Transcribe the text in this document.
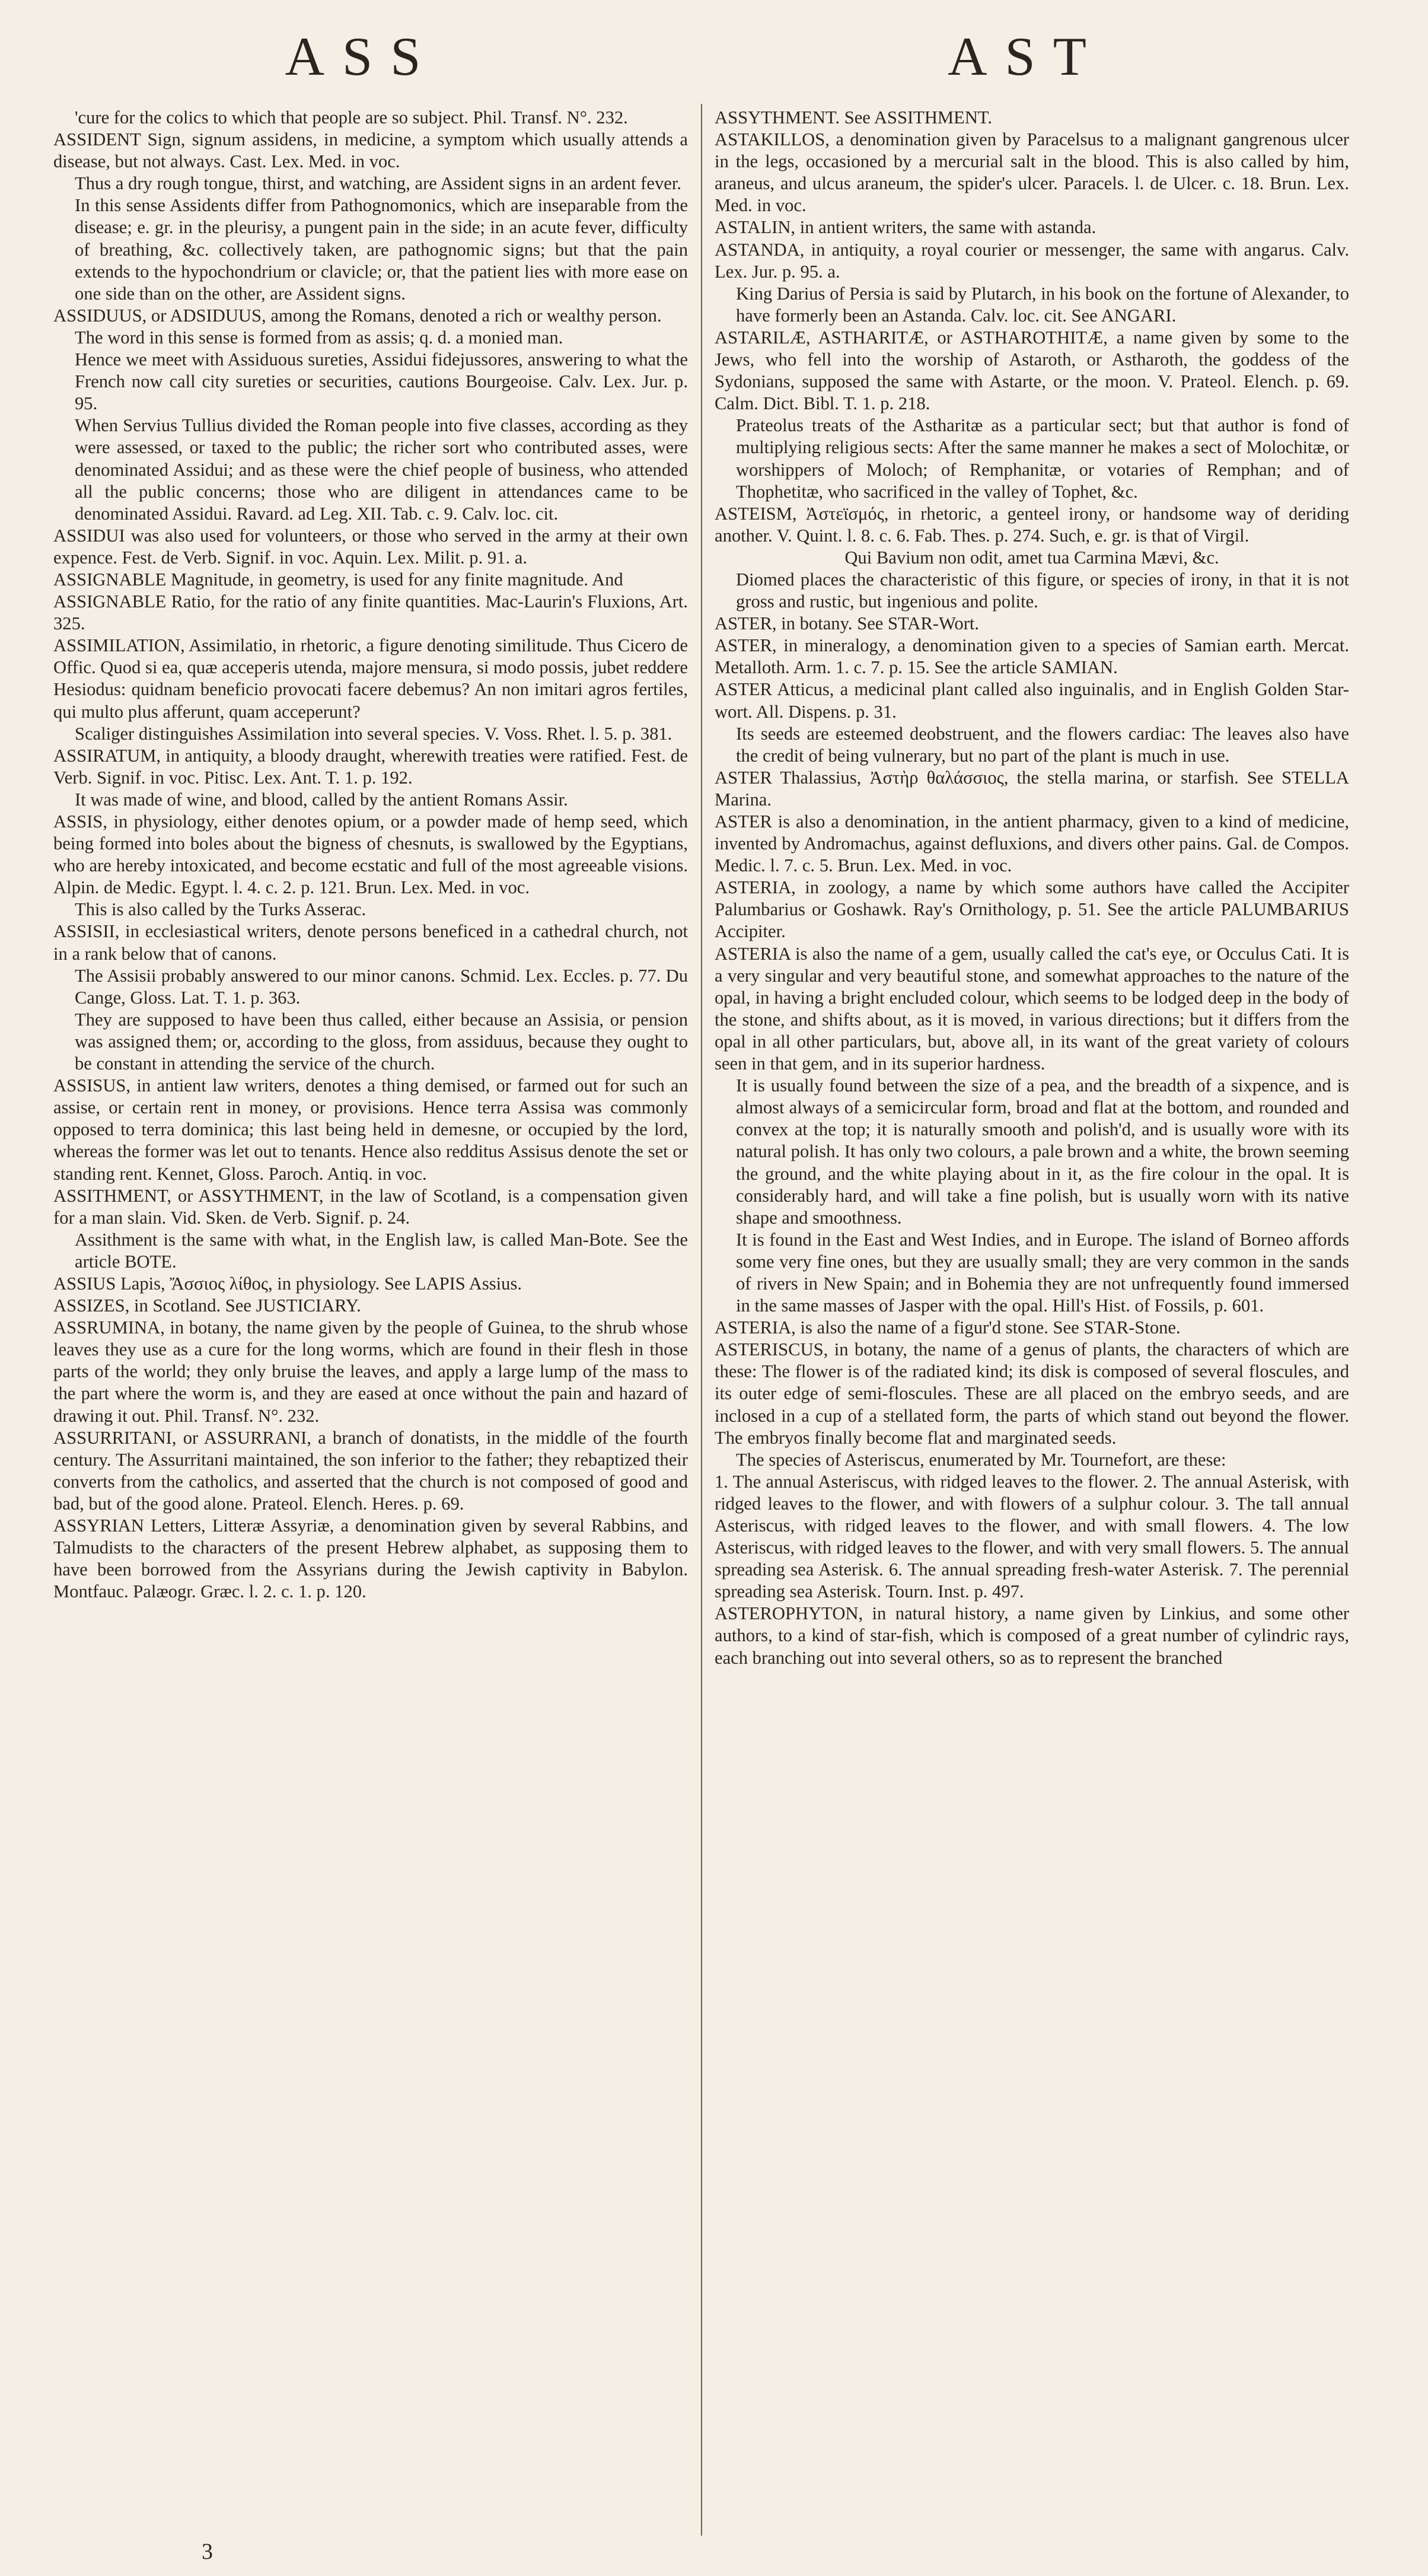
ASS	AST

'cure for the colics to which that people are so subject. Phil. Transf. N°. 232.

ASSIDENT Sign, signum assidens, in medicine, a symptom which usually attends a disease, but not always. Cast. Lex. Med. in voc.

Thus a dry rough tongue, thirst, and watching, are Assident signs in an ardent fever.

In this sense Assidents differ from Pathognomonics, which are inseparable from the disease; e. gr. in the pleurisy, a pungent pain in the side; in an acute fever, difficulty of breathing, &c. collectively taken, are pathognomic signs; but that the pain extends to the hypochondrium or clavicle; or, that the patient lies with more ease on one side than on the other, are Assident signs.

ASSIDUUS, or ADSIDUUS, among the Romans, denoted a rich or wealthy person.

The word in this sense is formed from as assis; q. d. a monied man.

Hence we meet with Assiduous sureties, Assidui fidejussores, answering to what the French now call city sureties or securities, cautions Bourgeoise. Calv. Lex. Jur. p. 95.

When Servius Tullius divided the Roman people into five classes, according as they were assessed, or taxed to the public; the richer sort who contributed asses, were denominated Assidui; and as these were the chief people of business, who attended all the public concerns; those who are diligent in attendances came to be denominated Assidui. Ravard. ad Leg. XII. Tab. c. 9. Calv. loc. cit.

ASSIDUI was also used for volunteers, or those who served in the army at their own expence. Fest. de Verb. Signif. in voc. Aquin. Lex. Milit. p. 91. a.

ASSIGNABLE Magnitude, in geometry, is used for any finite magnitude. And

ASSIGNABLE Ratio, for the ratio of any finite quantities. Mac-Laurin's Fluxions, Art. 325.

ASSIMILATION, Assimilatio, in rhetoric, a figure denoting similitude. Thus Cicero de Offic. Quod si ea, quæ acceperis utenda, majore mensura, si modo possis, jubet reddere Hesiodus: quidnam beneficio provocati facere debemus? An non imitari agros fertiles, qui multo plus afferunt, quam acceperunt?

Scaliger distinguishes Assimilation into several species. V. Voss. Rhet. l. 5. p. 381.

ASSIRATUM, in antiquity, a bloody draught, wherewith treaties were ratified. Fest. de Verb. Signif. in voc. Pitisc. Lex. Ant. T. 1. p. 192.

It was made of wine, and blood, called by the antient Romans Assir.

ASSIS, in physiology, either denotes opium, or a powder made of hemp seed, which being formed into boles about the bigness of chesnuts, is swallowed by the Egyptians, who are hereby intoxicated, and become ecstatic and full of the most agreeable visions. Alpin. de Medic. Egypt. l. 4. c. 2. p. 121. Brun. Lex. Med. in voc.

This is also called by the Turks Asserac.

ASSISII, in ecclesiastical writers, denote persons beneficed in a cathedral church, not in a rank below that of canons.

The Assisii probably answered to our minor canons. Schmid. Lex. Eccles. p. 77. Du Cange, Gloss. Lat. T. 1. p. 363.

They are supposed to have been thus called, either because an Assisia, or pension was assigned them; or, according to the gloss, from assiduus, because they ought to be constant in attending the service of the church.

ASSISUS, in antient law writers, denotes a thing demised, or farmed out for such an assise, or certain rent in money, or provisions. Hence terra Assisa was commonly opposed to terra dominica; this last being held in demesne, or occupied by the lord, whereas the former was let out to tenants. Hence also redditus Assisus denote the set or standing rent. Kennet, Gloss. Paroch. Antiq. in voc.

ASSITHMENT, or ASSYTHMENT, in the law of Scotland, is a compensation given for a man slain. Vid. Sken. de Verb. Signif. p. 24.

Assithment is the same with what, in the English law, is called Man-Bote. See the article BOTE.

ASSIUS Lapis, Ἄσσιος λίθος, in physiology. See LAPIS Assius.

ASSIZES, in Scotland. See JUSTICIARY.

ASSRUMINA, in botany, the name given by the people of Guinea, to the shrub whose leaves they use as a cure for the long worms, which are found in their flesh in those parts of the world; they only bruise the leaves, and apply a large lump of the mass to the part where the worm is, and they are eased at once without the pain and hazard of drawing it out. Phil. Transf. N°. 232.

ASSURRITANI, or ASSURRANI, a branch of donatists, in the middle of the fourth century. The Assurritani maintained, the son inferior to the father; they rebaptized their converts from the catholics, and asserted that the church is not composed of good and bad, but of the good alone. Prateol. Elench. Heres. p. 69.

ASSYRIAN Letters, Litteræ Assyriæ, a denomination given by several Rabbins, and Talmudists to the characters of the present Hebrew alphabet, as supposing them to have been borrowed from the Assyrians during the Jewish captivity in Babylon. Montfauc. Palæogr. Græc. l. 2. c. 1. p. 120.

ASSYTHMENT. See ASSITHMENT.

ASTAKILLOS, a denomination given by Paracelsus to a malignant gangrenous ulcer in the legs, occasioned by a mercurial salt in the blood. This is also called by him, araneus, and ulcus araneum, the spider's ulcer. Paracels. l. de Ulcer. c. 18. Brun. Lex. Med. in voc.

ASTALIN, in antient writers, the same with astanda.

ASTANDA, in antiquity, a royal courier or messenger, the same with angarus. Calv. Lex. Jur. p. 95. a.

King Darius of Persia is said by Plutarch, in his book on the fortune of Alexander, to have formerly been an Astanda. Calv. loc. cit. See ANGARI.

ASTARILÆ, ASTHARITÆ, or ASTHAROTHITÆ, a name given by some to the Jews, who fell into the worship of Astaroth, or Astharoth, the goddess of the Sydonians, supposed the same with Astarte, or the moon. V. Prateol. Elench. p. 69. Calm. Dict. Bibl. T. 1. p. 218.

Prateolus treats of the Astharitæ as a particular sect; but that author is fond of multiplying religious sects: After the same manner he makes a sect of Molochitæ, or worshippers of Moloch; of Remphanitæ, or votaries of Remphan; and of Thophetitæ, who sacrificed in the valley of Tophet, &c.

ASTEISM, Ἀστεϊσμός, in rhetoric, a genteel irony, or handsome way of deriding another. V. Quint. l. 8. c. 6. Fab. Thes. p. 274. Such, e. gr. is that of Virgil.

Qui Bavium non odit, amet tua Carmina Mævi, &c.

Diomed places the characteristic of this figure, or species of irony, in that it is not gross and rustic, but ingenious and polite.

ASTER, in botany. See STAR-Wort.

ASTER, in mineralogy, a denomination given to a species of Samian earth. Mercat. Metalloth. Arm. 1. c. 7. p. 15. See the article SAMIAN.

ASTER Atticus, a medicinal plant called also inguinalis, and in English Golden Star-wort. All. Dispens. p. 31.

Its seeds are esteemed deobstruent, and the flowers cardiac: The leaves also have the credit of being vulnerary, but no part of the plant is much in use.

ASTER Thalassius, Ἀστὴρ θαλάσσιος, the stella marina, or starfish. See STELLA Marina.

ASTER is also a denomination, in the antient pharmacy, given to a kind of medicine, invented by Andromachus, against defluxions, and divers other pains. Gal. de Compos. Medic. l. 7. c. 5. Brun. Lex. Med. in voc.

ASTERIA, in zoology, a name by which some authors have called the Accipiter Palumbarius or Goshawk. Ray's Ornithology, p. 51. See the article PALUMBARIUS Accipiter.

ASTERIA is also the name of a gem, usually called the cat's eye, or Occulus Cati. It is a very singular and very beautiful stone, and somewhat approaches to the nature of the opal, in having a bright encluded colour, which seems to be lodged deep in the body of the stone, and shifts about, as it is moved, in various directions; but it differs from the opal in all other particulars, but, above all, in its want of the great variety of colours seen in that gem, and in its superior hardness.

It is usually found between the size of a pea, and the breadth of a sixpence, and is almost always of a semicircular form, broad and flat at the bottom, and rounded and convex at the top; it is naturally smooth and polish'd, and is usually wore with its natural polish. It has only two colours, a pale brown and a white, the brown seeming the ground, and the white playing about in it, as the fire colour in the opal. It is considerably hard, and will take a fine polish, but is usually worn with its native shape and smoothness.

It is found in the East and West Indies, and in Europe. The island of Borneo affords some very fine ones, but they are usually small; they are very common in the sands of rivers in New Spain; and in Bohemia they are not unfrequently found immersed in the same masses of Jasper with the opal. Hill's Hist. of Fossils, p. 601.

ASTERIA, is also the name of a figur'd stone. See STAR-Stone.

ASTERISCUS, in botany, the name of a genus of plants, the characters of which are these: The flower is of the radiated kind; its disk is composed of several floscules, and its outer edge of semi-floscules. These are all placed on the embryo seeds, and are inclosed in a cup of a stellated form, the parts of which stand out beyond the flower. The embryos finally become flat and marginated seeds.

The species of Asteriscus, enumerated by Mr. Tournefort, are these:

1. The annual Asteriscus, with ridged leaves to the flower. 2. The annual Asterisk, with ridged leaves to the flower, and with flowers of a sulphur colour. 3. The tall annual Asteriscus, with ridged leaves to the flower, and with small flowers. 4. The low Asteriscus, with ridged leaves to the flower, and with very small flowers. 5. The annual spreading sea Asterisk. 6. The annual spreading fresh-water Asterisk. 7. The perennial spreading sea Asterisk. Tourn. Inst. p. 497.

ASTEROPHYTON, in natural history, a name given by Linkius, and some other authors, to a kind of star-fish, which is composed of a great number of cylindric rays, each branching out into several others, so as to represent the branched

3
